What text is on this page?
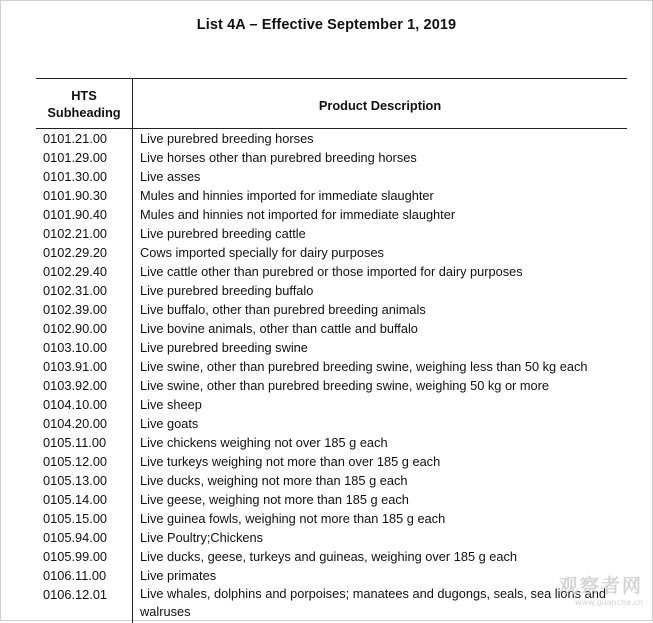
List 4A – Effective September 1, 2019
HTS
Subheading	Product Description
0101.21.00	Live purebred breeding horses
0101.29.00	Live horses other than purebred breeding horses
0101.30.00	Live asses
0101.90.30	Mules and hinnies imported for immediate slaughter
0101.90.40	Mules and hinnies not imported for immediate slaughter
0102.21.00	Live purebred breeding cattle
0102.29.20	Cows imported specially for dairy purposes
0102.29.40	Live cattle other than purebred or those imported for dairy purposes
0102.31.00	Live purebred breeding buffalo
0102.39.00	Live buffalo, other than purebred breeding animals
0102.90.00	Live bovine animals, other than cattle and buffalo
0103.10.00	Live purebred breeding swine
0103.91.00	Live swine, other than purebred breeding swine, weighing less than 50 kg each
0103.92.00	Live swine, other than purebred breeding swine, weighing 50 kg or more
0104.10.00	Live sheep
0104.20.00	Live goats
0105.11.00	Live chickens weighing not over 185 g each
0105.12.00	Live turkeys weighing not more than over 185 g each
0105.13.00	Live ducks, weighing not more than 185 g each
0105.14.00	Live geese, weighing not more than 185 g each
0105.15.00	Live guinea fowls, weighing not more than 185 g each
0105.94.00	Live Poultry;Chickens
0105.99.00	Live ducks, geese, turkeys and guineas, weighing over 185 g each
0106.11.00	Live primates
0106.12.01	Live whales, dolphins and porpoises; manatees and dugongs, seals, sea lions and walruses
观察者网
www.guancha.cn
